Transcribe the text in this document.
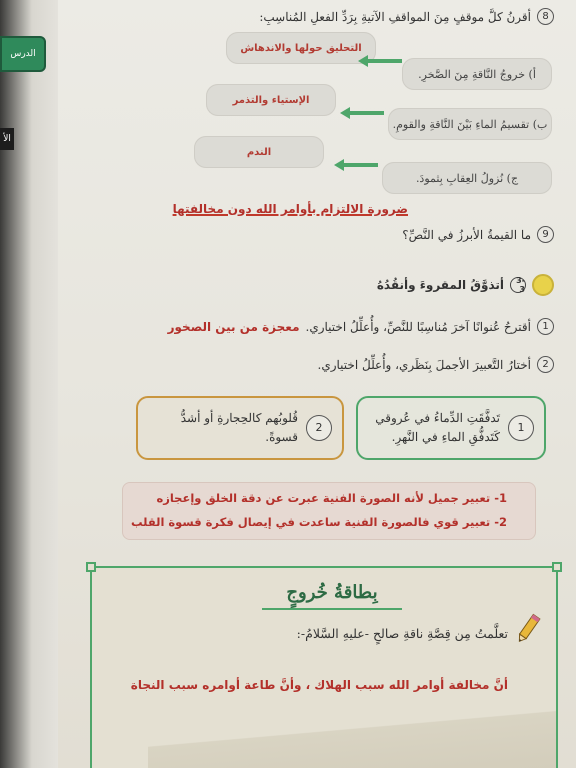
الدرس
الأ
8
أقرنُ كلَّ موقفٍ مِنَ المواقفِ الآتيةِ بِرَدِّ الفعلِ المُناسِبِ:
التحليق حولها والاندهاش
أ) خروجُ النَّاقةِ مِنَ الصَّخرِ.
الإستياء والتذمر
ب) تقسيمُ الماءِ بَيْنَ النَّاقةِ والقومِ.
الندم
ج) نُزولُ العِقابِ بِثمودَ.
ضرورة الالتزام بأوامر الله دون مخالفتها
9
ما القيمةُ الأبرزُ في النَّصِّ؟
3-3
أتذوَّقُ المقروءَ وأنقُدُهُ
1
أقترحُ عُنوانًا آخرَ مُناسِبًا للنَّصِّ، وأُعلِّلُ اختياري.
معجزة من بين الصخور
2
أختارُ التَّعبيرَ الأجملَ بِنَظَري، وأُعلِّلُ اختياري.
1
تَدفَّقَتِ الدِّماءُ في عُروقي
كَتَدفُّقِ الماءِ في النَّهرِ.
2
قُلوبُهم كالحِجارةِ أو أشدُّ
قسوةً.
1- تعبير جميل لأنه الصورة الفنية عبرت عن دقة الخلق وإعجازه
2- تعبير قوي فالصورة الفنية ساعدت في إيصال فكرة قسوة القلب
بِطاقةُ خُروجٍ
تعلَّمتُ مِن قِصَّةِ ناقةِ صالحٍ -عليهِ السَّلامُ-:
أنَّ مخالفة أوامر الله سبب الهلاك ، وأنَّ طاعة أوامره سبب النجاة
